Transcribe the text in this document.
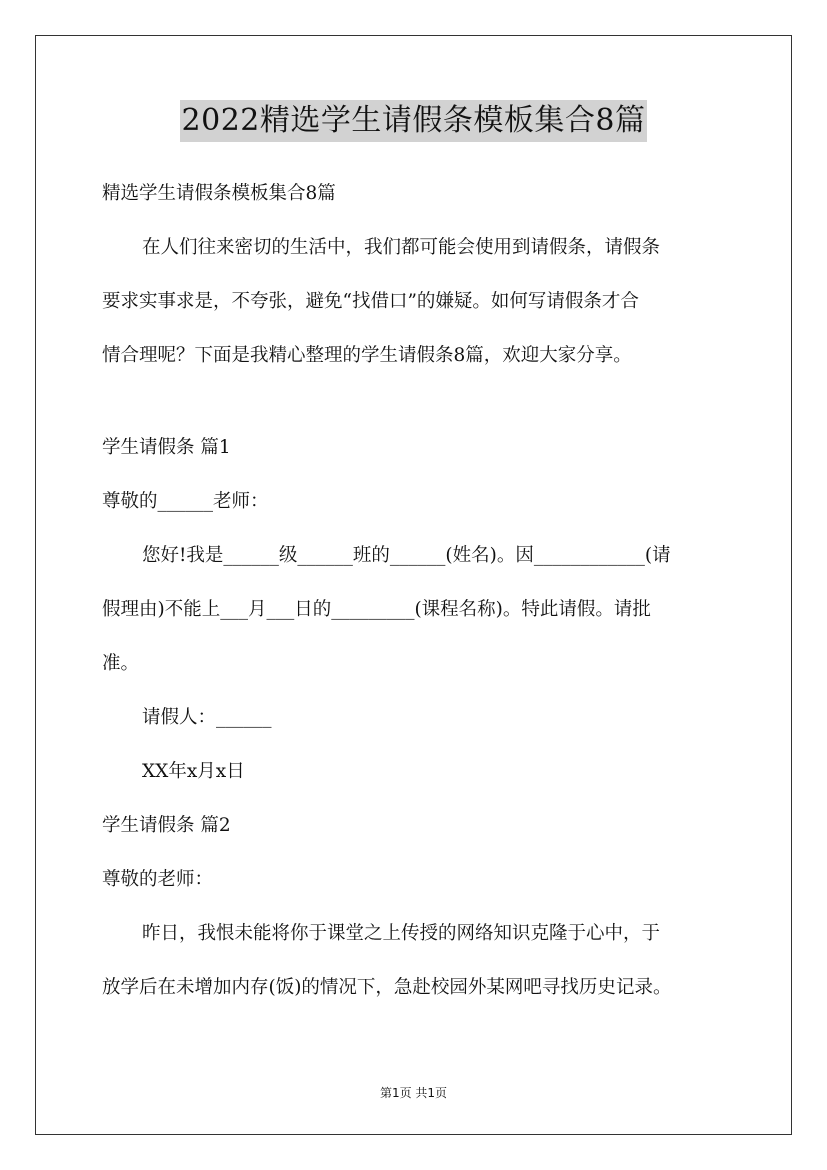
2022精选学生请假条模板集合8篇
精选学生请假条模板集合8篇
在人们往来密切的生活中，我们都可能会使用到请假条，请假条
要求实事求是，不夸张，避免“找借口”的嫌疑。如何写请假条才合
情合理呢？下面是我精心整理的学生请假条8篇，欢迎大家分享。
学生请假条 篇1
尊敬的______老师：
您好!我是______级______班的______(姓名)。因____________(请
假理由)不能上___月___日的_________(课程名称)。特此请假。请批
准。
请假人：______
XX年x月x日
学生请假条 篇2
尊敬的老师：
昨日，我恨未能将你于课堂之上传授的网络知识克隆于心中，于
放学后在未增加内存(饭)的情况下，急赴校园外某网吧寻找历史记录。
第1页 共1页
